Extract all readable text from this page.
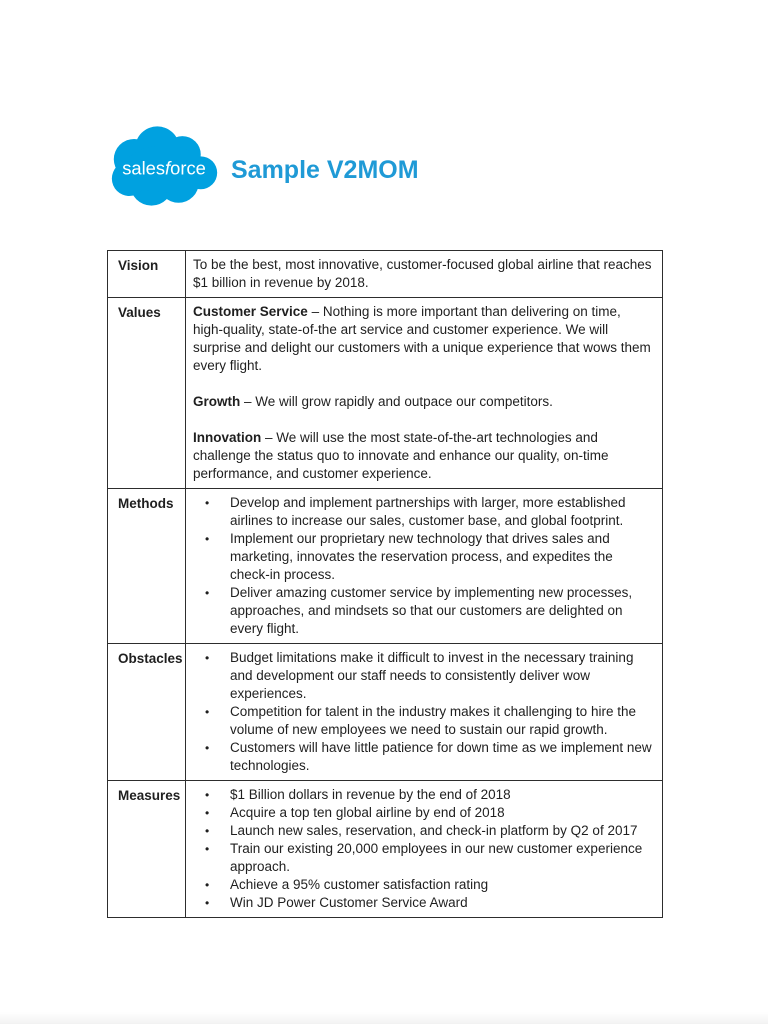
salesforce Sample V2MOM
Vision	To be the best, most innovative, customer-focused global airline that reaches $1 billion in revenue by 2018.

Values	Customer Service – Nothing is more important than delivering on time, high-quality, state-of-the art service and customer experience. We will surprise and delight our customers with a unique experience that wows them every flight.

Growth – We will grow rapidly and outpace our competitors.

Innovation – We will use the most state-of-the-art technologies and challenge the status quo to innovate and enhance our quality, on-time performance, and customer experience.

Methods	
•Develop and implement partnerships with larger, more established airlines to increase our sales, customer base, and global footprint.
• Implement our proprietary new technology that drives sales and marketing, innovates the reservation process, and expedites the check-in process.
• Deliver amazing customer service by implementing new processes, approaches, and mindsets so that our customers are delighted on every flight.

Obstacles	
•Budget limitations make it difficult to invest in the necessary training and development our staff needs to consistently deliver wow experiences.
• Competition for talent in the industry makes it challenging to hire the volume of new employees we need to sustain our rapid growth.
• Customers will have little patience for down time as we implement new technologies.

Measures	
•$1 Billion dollars in revenue by the end of 2018
• Acquire a top ten global airline by end of 2018
• Launch new sales, reservation, and check-in platform by Q2 of 2017
• Train our existing 20,000 employees in our new customer experience approach.
• Achieve a 95% customer satisfaction rating
• Win JD Power Customer Service Award
